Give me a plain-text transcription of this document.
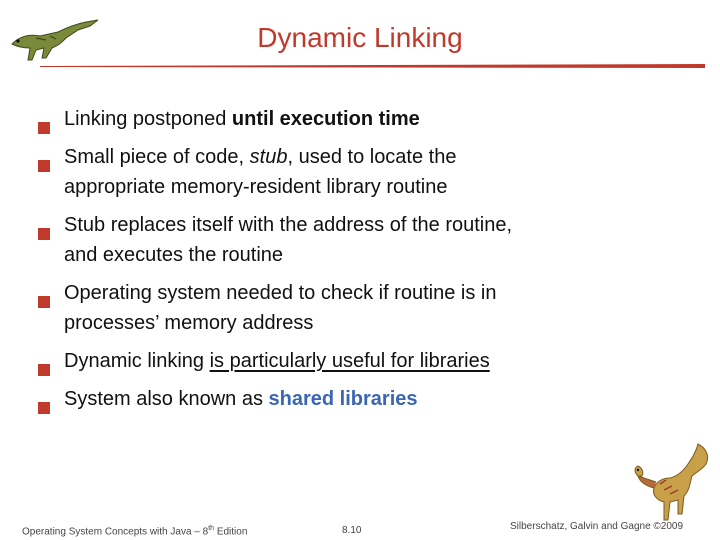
Dynamic Linking
Linking postponed until execution time
Small piece of code, stub, used to locate the
appropriate memory-resident library routine
Stub replaces itself with the address of the routine,
and executes the routine
Operating system needed to check if routine is in
processes’ memory address
Dynamic linking is particularly useful for libraries
System also known as shared libraries
Operating System Concepts with Java – 8th Edition	8.10	Silberschatz, Galvin and Gagne ©2009
